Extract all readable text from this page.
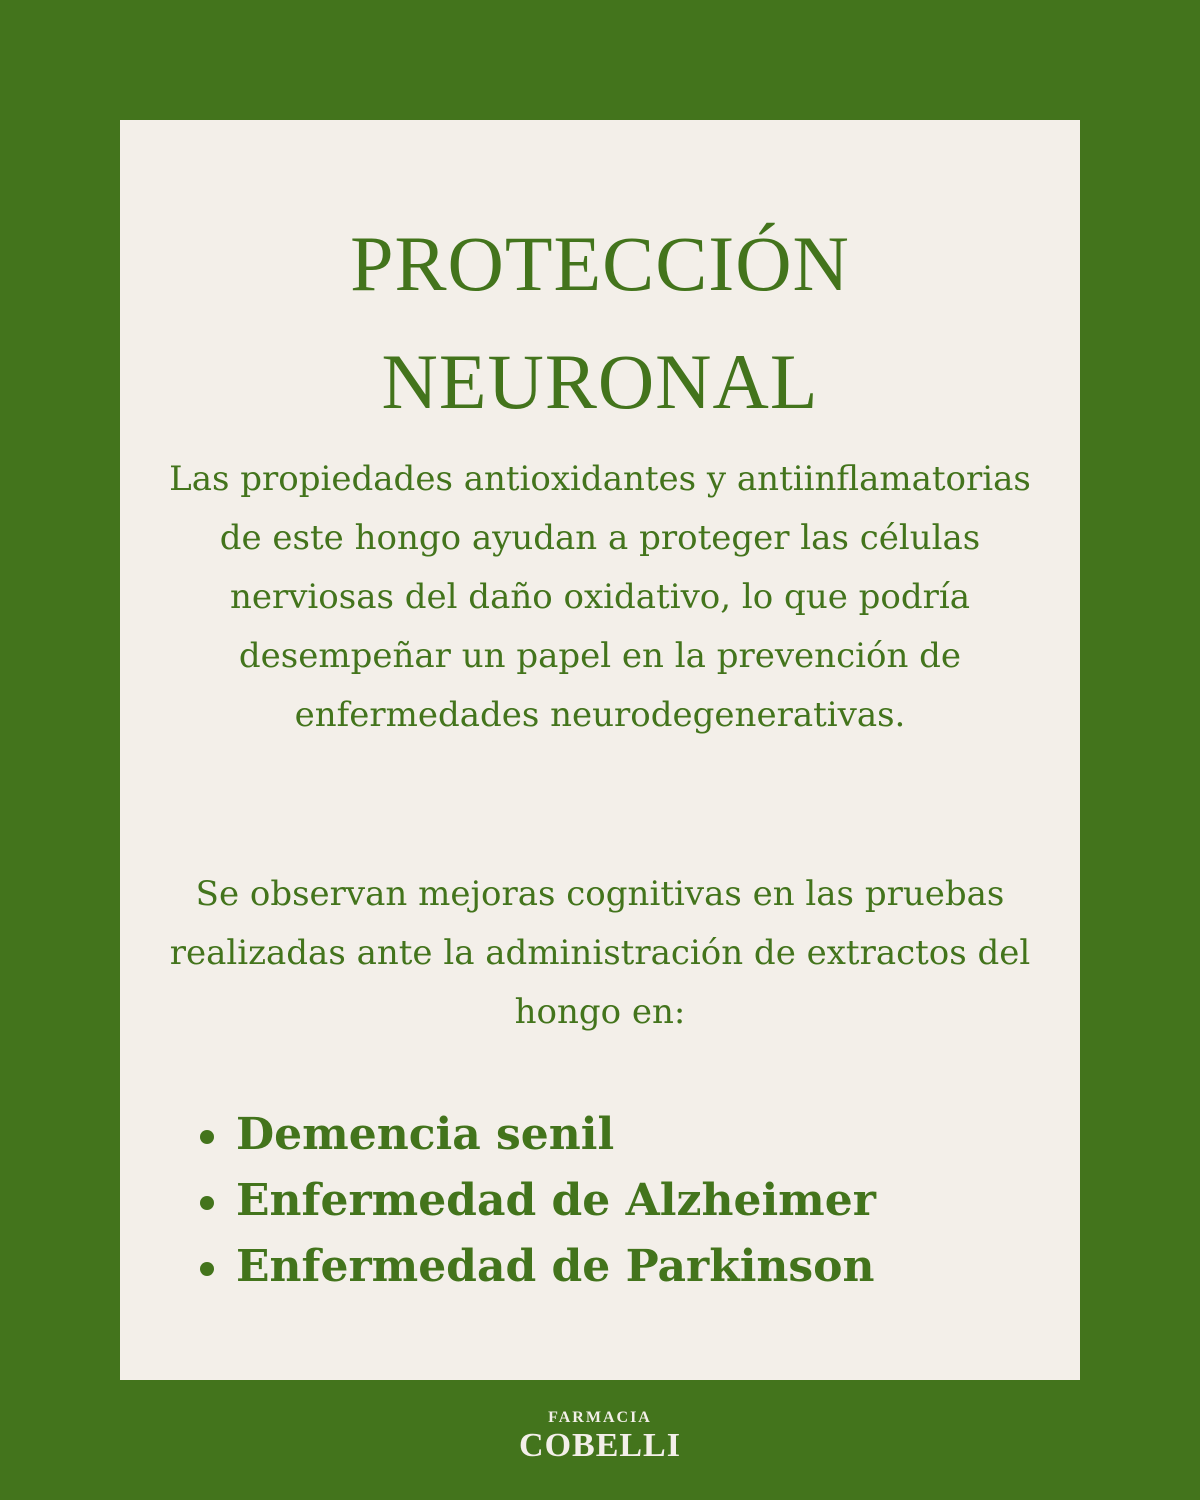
PROTECCIÓN
NEURONAL

Las propiedades antioxidantes y antiinflamatorias de este hongo ayudan a proteger las células nerviosas del daño oxidativo, lo que podría desempeñar un papel en la prevención de enfermedades neurodegenerativas.

Se observan mejoras cognitivas en las pruebas realizadas ante la administración de extractos del hongo en:

Demencia senil
Enfermedad de Alzheimer
Enfermedad de Parkinson
FARMACIA
COBELLI
